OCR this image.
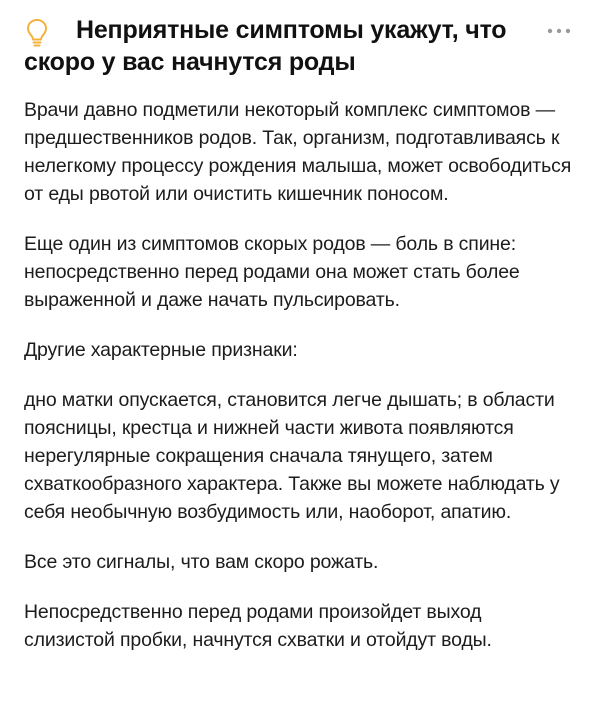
Неприятные симптомы укажут, что скоро у вас начнутся роды

Врачи давно подметили некоторый комплекс симптомов — предшественников родов. Так, организм, подготавливаясь к нелегкому процессу рождения малыша, может освободиться от еды рвотой или очистить кишечник поносом.

Еще один из симптомов скорых родов — боль в спине: непосредственно перед родами она может стать более выраженной и даже начать пульсировать.

Другие характерные признаки:

дно матки опускается, становится легче дышать; в области поясницы, крестца и нижней части живота появляются нерегулярные сокращения сначала тянущего, затем схваткообразного характера. Также вы можете наблюдать у себя необычную возбудимость или, наоборот, апатию.

Все это сигналы, что вам скоро рожать.

Непосредственно перед родами произойдет выход слизистой пробки, начнутся схватки и отойдут воды.
